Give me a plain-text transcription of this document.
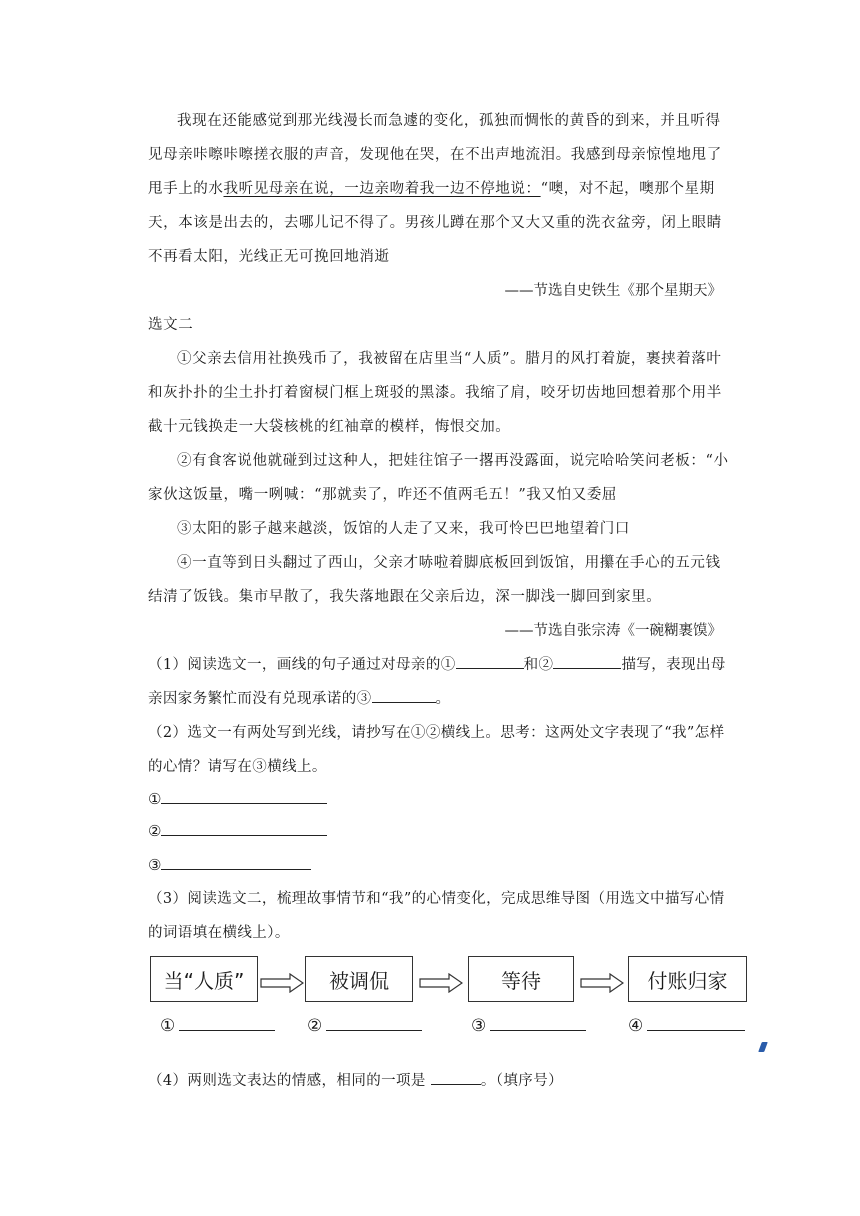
我现在还能感觉到那光线漫长而急遽的变化，孤独而惆怅的黄昏的到来，并且听得见母亲咔嚓咔嚓搓衣服的声音，发现他在哭，在不出声地流泪。我感到母亲惊惶地甩了甩手上的水我听见母亲在说，一边亲吻着我一边不停地说：“噢，对不起，噢那个星期天，本该是出去的，去哪儿记不得了。男孩儿蹲在那个又大又重的洗衣盆旁，闭上眼睛不再看太阳，光线正无可挽回地消逝

——节选自史铁生《那个星期天》
选文二

①父亲去信用社换残币了，我被留在店里当“人质”。腊月的风打着旋，裹挟着落叶和灰扑扑的尘土扑打着窗棂门框上斑驳的黑漆。我缩了肩，咬牙切齿地回想着那个用半截十元钱换走一大袋核桃的红袖章的模样，悔恨交加。

②有食客说他就碰到过这种人，把娃往馆子一撂再没露面，说完哈哈笑问老板：“小家伙这饭量，嘴一咧喊：“那就卖了，咋还不值两毛五！”我又怕又委屈

③太阳的影子越来越淡，饭馆的人走了又来，我可怜巴巴地望着门口

④一直等到日头翻过了西山，父亲才哧啦着脚底板回到饭馆，用攥在手心的五元钱结清了饭钱。集市早散了，我失落地跟在父亲后边，深一脚浅一脚回到家里。

——节选自张宗涛《一碗糊裹馍》
（1）阅读选文一，画线的句子通过对母亲的①	和②	描写，表现出母亲因家务繁忙而没有兑现承诺的③	。
（2）选文一有两处写到光线，请抄写在①②横线上。思考：这两处文字表现了“我”怎样的心情？请写在③横线上。
①
②
③
（3）阅读选文二，梳理故事情节和“我”的心情变化，完成思维导图（用选文中描写心情的词语填在横线上）。
当“人质”	被调侃	等待	付账归家
①	②	③	④
（4）两则选文表达的情感，相同的一项是	。（填序号）
